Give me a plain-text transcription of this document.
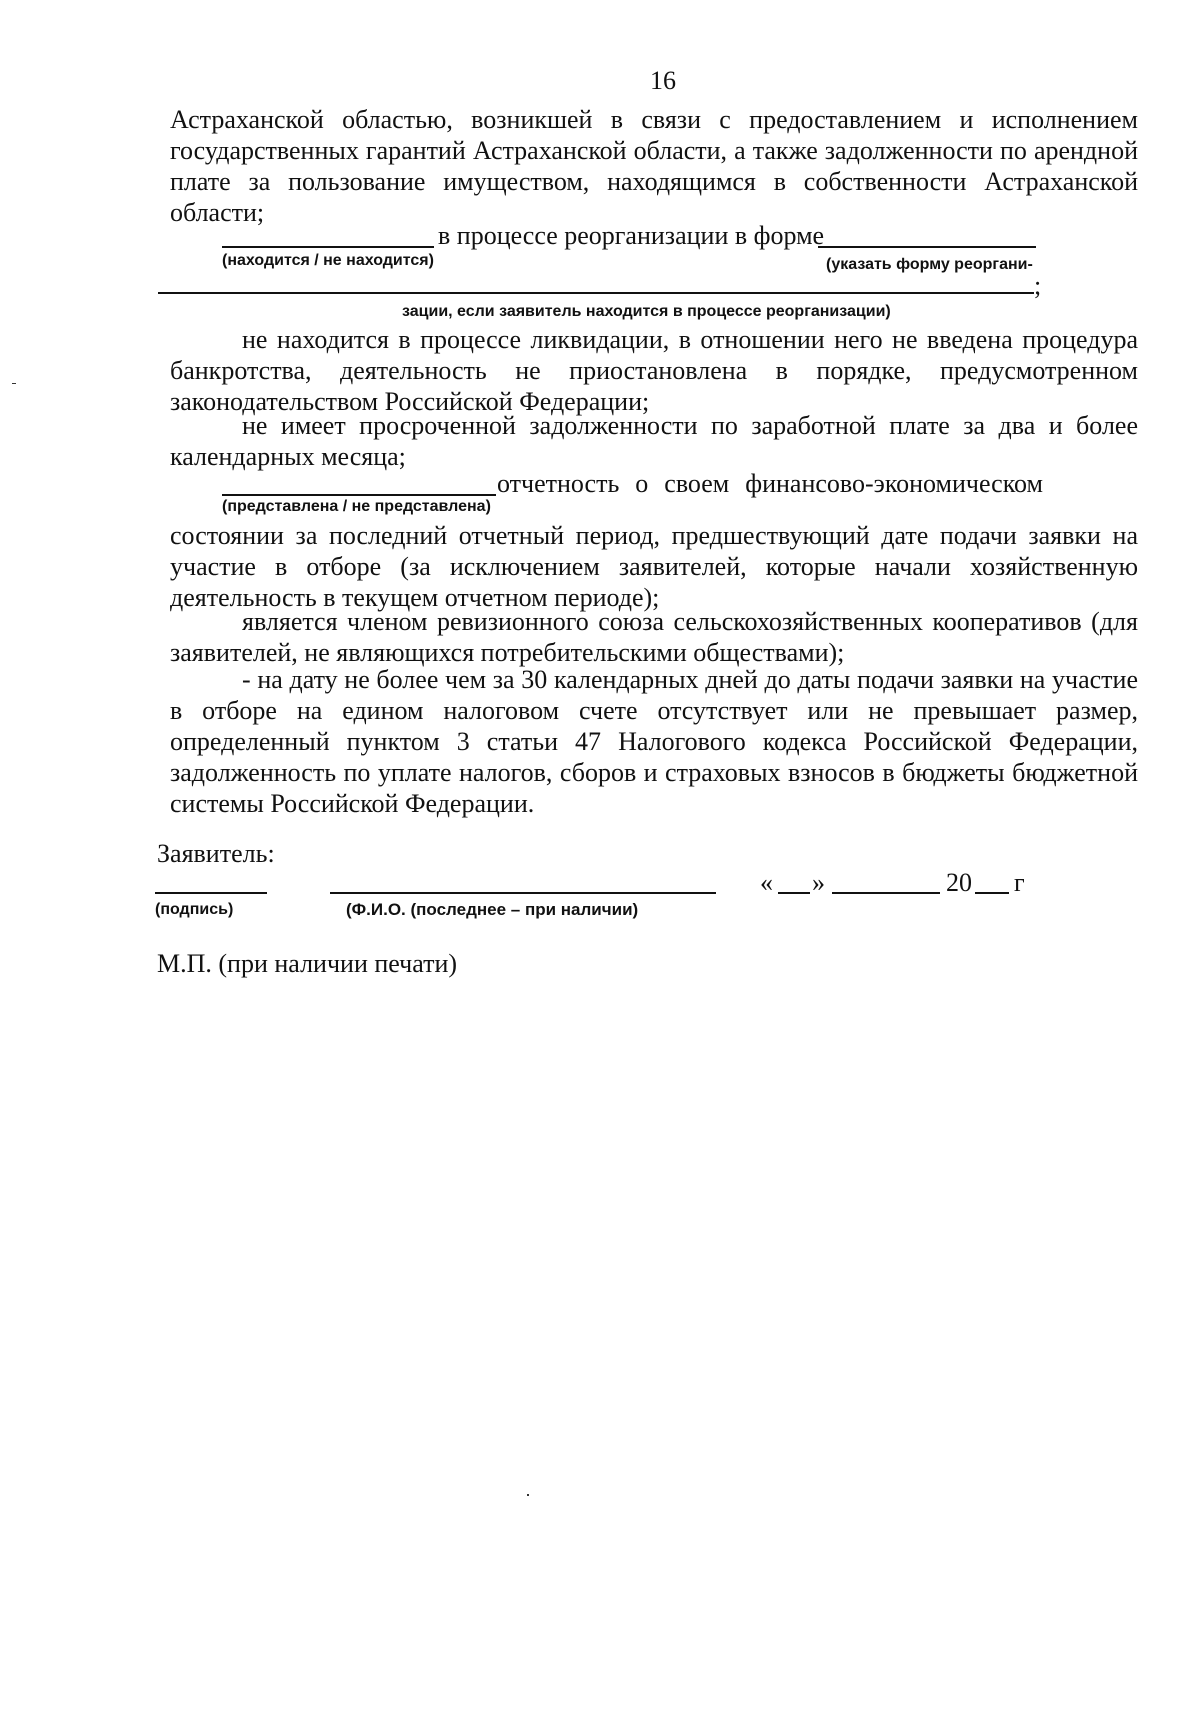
16
Астраханской областью, возникшей в связи с предоставлением и исполнением государственных гарантий Астраханской области, а также задолженности по арендной плате за пользование имуществом, находящимся в собственности Астраханской области;
в процессе реорганизации в форме
(находится / не находится)	(указать форму реоргани-
;
зации, если заявитель находится в процессе реорганизации)
не находится в процессе ликвидации, в отношении него не введена процедура банкротства, деятельность не приостановлена в порядке, предусмотренном законодательством Российской Федерации;
не имеет просроченной задолженности по заработной плате за два и более календарных месяца;
отчетность о своем финансово-экономическом
(представлена / не представлена)
состоянии за последний отчетный период, предшествующий дате подачи заявки на участие в отборе (за исключением заявителей, которые начали хозяйственную деятельность в текущем отчетном периоде);
является членом ревизионного союза сельскохозяйственных кооперативов (для заявителей, не являющихся потребительскими обществами);
- на дату не более чем за 30 календарных дней до даты подачи заявки на участие в отборе на едином налоговом счете отсутствует или не превышает размер, определенный пунктом 3 статьи 47 Налогового кодекса Российской Федерации, задолженность по уплате налогов, сборов и страховых взносов в бюджеты бюджетной системы Российской Федерации.
Заявитель:
« »	20 г
(подпись)	(Ф.И.О. (последнее – при наличии)
М.П. (при наличии печати)
